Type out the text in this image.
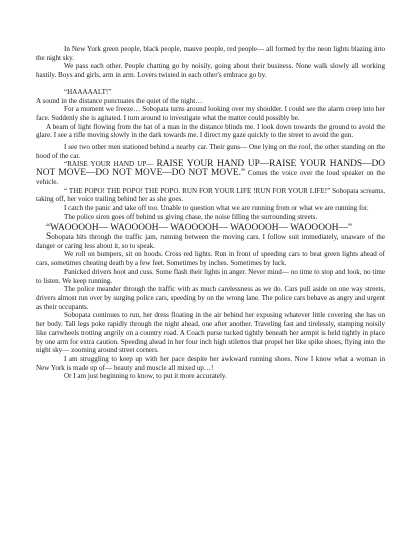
In New York green people, black people, mauve people, red people— all formed by the neon lights blazing into the night sky.

We pass each other. People chatting go by noisily, going about their business. None walk slowly all working hastily. Boys and girls, arm in arm. Lovers twisted in each other's embrace go by.

“HAAAAALT!”

A sound in the distance punctuates the quiet of the night…

For a moment we freeze… Sobopata turns around looking over my shoulder. I could see the alarm creep into her face. Suddenly she is agitated. I turn around to investigate what the matter could possibly be.

A beam of light flowing from the hat of a man in the distance blinds me. I look down towards the ground to avoid the glare. I see a rifle moving slowly in the dark towards me. I direct my gaze quickly to the street to avoid the gun.

I see two other men stationed behind a nearby car. Their guns— One lying on the roof, the other standing on the hood of the car.

“RAISE YOUR HAND UP— RAISE YOUR HAND UP—RAISE YOUR HANDS—DO NOT MOVE—DO NOT MOVE—DO NOT MOVE.” Comes the voice over the loud speaker on the vehicle.

“ THE POPO! THE POPO! THE POPO. RUN FOR YOUR LIFE !RUN FOR YOUR LIFE!” Sobopata screams, taking off, her voice trailing behind her as she goes.

I catch the panic and take off too. Unable to question what we are running from or what we are running for.

The police siren goes off behind us giving chase, the noise filling the surrounding streets.

“WAOOOOH— WAOOOOH— WAOOOOH— WAOOOOH— WAOOOOH—”

Sobopata hits through the traffic jam, running between the moving cars. I follow suit immediately, unaware of the danger or caring less about it, so to speak.

We roll on bumpers, sit on hoods. Cross red lights. Run in front of speeding cars to beat green lights ahead of cars, sometimes cheating death by a few feet. Sometimes by inches. Sometimes by luck.

Panicked drivers hoot and cuss. Some flash their lights in anger. Never mind— no time to stop and look, no time to listen. We keep running.

The police meander through the traffic with as much carelessness as we do. Cars pull aside on one way streets, drivers almost run over by surging police cars, speeding by on the wrong lane. The police cars behave as angry and urgent as their occupants.

Sobopata continues to run, her dress floating in the air behind her exposing whatever little covering she has on her body. Tall legs poke rapidly through the night ahead, one after another. Traveling fast and tirelessly, stamping noisily like cartwheels trotting angrily on a country road. A Coach purse tucked tightly beneath her armpit is held tightly in place by one arm for extra caution. Speeding ahead in her four inch high stilettos that propel her like spike shoes, flying into the night sky— zooming around street corners.

I am struggling to keep up with her pace despite her awkward running shoes. Now I know what a woman in New York is made up of— beauty and muscle all mixed up…!

Or I am just beginning to know, to put it more accurately.
